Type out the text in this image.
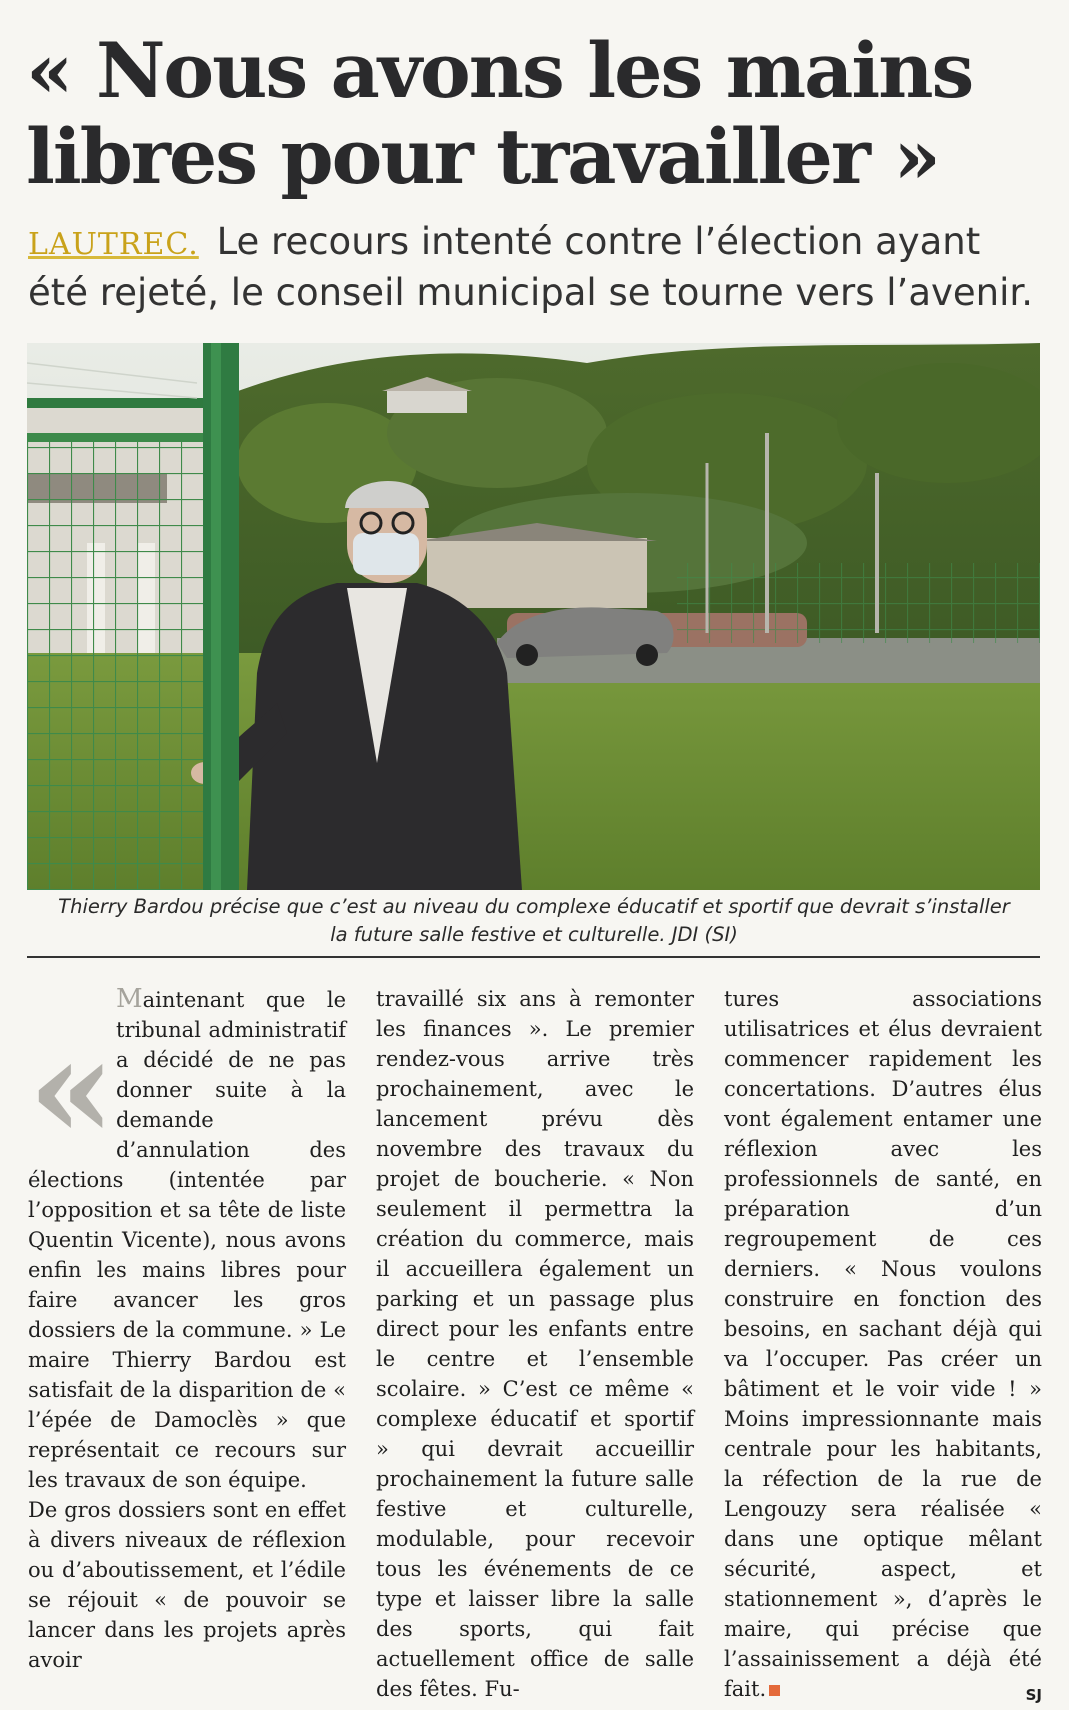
« Nous avons les mains
libres pour travailler »

LAUTREC. Le recours intenté contre l’élection ayant été rejeté, le conseil municipal se tourne vers l’avenir.

Thierry Bardou précise que c’est au niveau du complexe éducatif et sportif que devrait s’installer
la future salle festive et culturelle. JDI (SI)

«

Maintenant que le tribunal administratif a décidé de ne pas donner suite à la demande d’annulation des élections (intentée par l’opposition et sa tête de liste Quentin Vicente), nous avons enfin les mains libres pour faire avancer les gros dossiers de la commune. » Le maire Thierry Bardou est satisfait de la disparition de « l’épée de Damoclès » que représentait ce recours sur les travaux de son équipe.

De gros dossiers sont en effet à divers niveaux de réflexion ou d’aboutissement, et l’édile se réjouit « de pouvoir se lancer dans les projets après avoir

travaillé six ans à remonter les finances ». Le premier rendez-vous arrive très prochainement, avec le lancement prévu dès novembre des travaux du projet de boucherie. « Non seulement il permettra la création du commerce, mais il accueillera également un parking et un passage plus direct pour les enfants entre le centre et l’ensemble scolaire. » C’est ce même « complexe éducatif et sportif » qui devrait accueillir prochainement la future salle festive et culturelle, modulable, pour recevoir tous les événements de ce type et laisser libre la salle des sports, qui fait actuellement office de salle des fêtes. Fu-

tures associations utilisatrices et élus devraient commencer rapidement les concertations. D’autres élus vont également entamer une réflexion avec les professionnels de santé, en préparation d’un regroupement de ces derniers. « Nous voulons construire en fonction des besoins, en sachant déjà qui va l’occuper. Pas créer un bâtiment et le voir vide ! » Moins impressionnante mais centrale pour les habitants, la réfection de la rue de Lengouzy sera réalisée « dans une optique mêlant sécurité, aspect, et stationnement », d’après le maire, qui précise que l’assainissement a déjà été fait.	SJ
